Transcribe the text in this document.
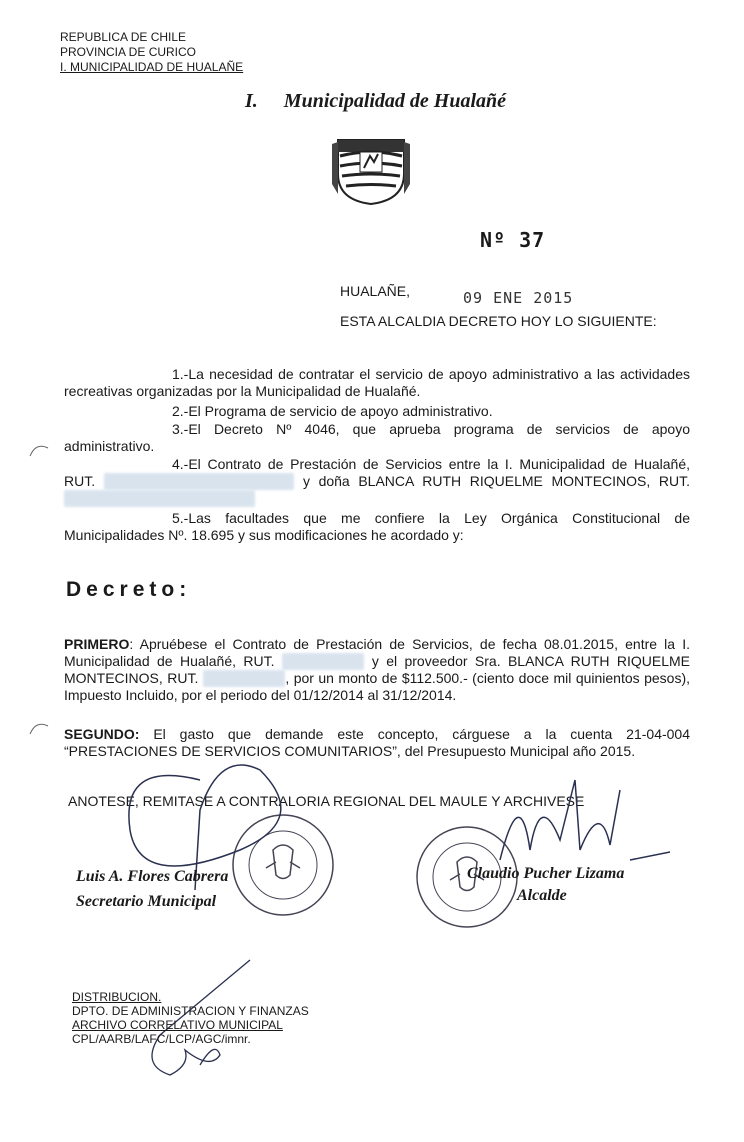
REPUBLICA DE CHILE
PROVINCIA DE CURICO
I. MUNICIPALIDAD DE HUALAÑE
I. Municipalidad de Hualañé
Nº 37
HUALAÑE,	09 ENE 2015
ESTA ALCALDIA DECRETO HOY LO SIGUIENTE:
1.-La necesidad de contratar el servicio de apoyo administrativo a las actividades recreativas organizadas por la Municipalidad de Hualañé.
2.-El Programa de servicio de apoyo administrativo.
3.-El Decreto Nº 4046, que aprueba programa de servicios de apoyo administrativo.
4.-El Contrato de Prestación de Servicios entre la I. Municipalidad de Hualañé, RUT.	y doña BLANCA RUTH RIQUELME MONTECINOS, RUT.
5.-Las facultades que me confiere la Ley Orgánica Constitucional de Municipalidades Nº. 18.695 y sus modificaciones he acordado y:
Decreto:
PRIMERO: Apruébese el Contrato de Prestación de Servicios, de fecha 08.01.2015, entre la I. Municipalidad de Hualañé, RUT.	y el proveedor Sra. BLANCA RUTH RIQUELME MONTECINOS, RUT.	, por un monto de $112.500.- (ciento doce mil quinientos pesos), Impuesto Incluido, por el periodo del 01/12/2014 al 31/12/2014.
SEGUNDO: El gasto que demande este concepto, cárguese a la cuenta 21-04-004 “PRESTACIONES DE SERVICIOS COMUNITARIOS”, del Presupuesto Municipal año 2015.
ANOTESE, REMITASE A CONTRALORIA REGIONAL DEL MAULE Y ARCHIVESE
Luis A. Flores Cabrera
Secretario Municipal
Claudio Pucher Lizama
Alcalde
DISTRIBUCION.
DPTO. DE ADMINISTRACION Y FINANZAS
ARCHIVO CORRELATIVO MUNICIPAL
CPL/AARB/LAFC/LCP/AGC/imnr.
